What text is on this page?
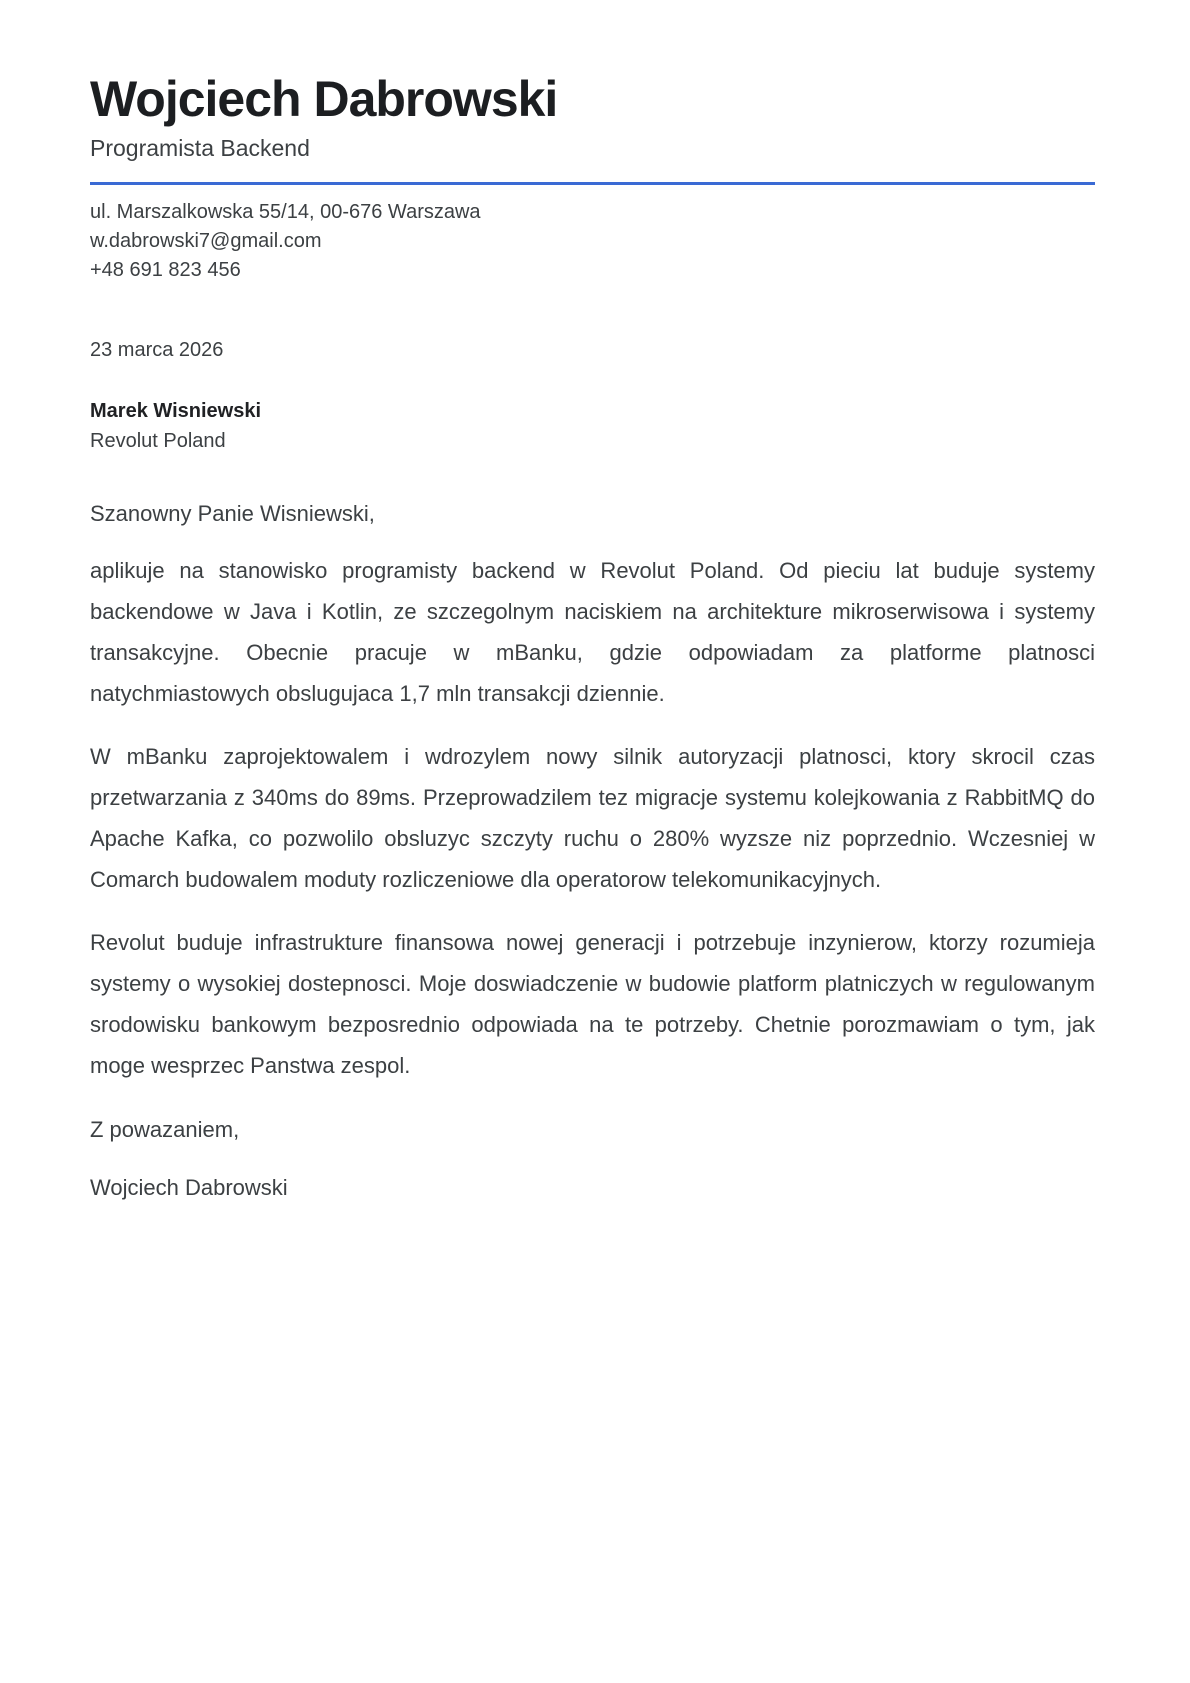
Wojciech Dabrowski
Programista Backend
ul. Marszalkowska 55/14, 00-676 Warszawa
w.dabrowski7@gmail.com
+48 691 823 456
23 marca 2026
Marek Wisniewski
Revolut Poland
Szanowny Panie Wisniewski,

aplikuje na stanowisko programisty backend w Revolut Poland. Od pieciu lat buduje systemy backendowe w Java i Kotlin, ze szczegolnym naciskiem na architekture mikroserwisowa i systemy transakcyjne. Obecnie pracuje w mBanku, gdzie odpowiadam za platforme platnosci natychmiastowych obslugujaca 1,7 mln transakcji dziennie.

W mBanku zaprojektowalem i wdrozylem nowy silnik autoryzacji platnosci, ktory skrocil czas przetwarzania z 340ms do 89ms. Przeprowadzilem tez migracje systemu kolejkowania z RabbitMQ do Apache Kafka, co pozwolilo obsluzyc szczyty ruchu o 280% wyzsze niz poprzednio. Wczesniej w Comarch budowalem moduty rozliczeniowe dla operatorow telekomunikacyjnych.

Revolut buduje infrastrukture finansowa nowej generacji i potrzebuje inzynierow, ktorzy rozumieja systemy o wysokiej dostepnosci. Moje doswiadczenie w budowie platform platniczych w regulowanym srodowisku bankowym bezposrednio odpowiada na te potrzeby. Chetnie porozmawiam o tym, jak moge wesprzec Panstwa zespol.

Z powazaniem,
Wojciech Dabrowski
